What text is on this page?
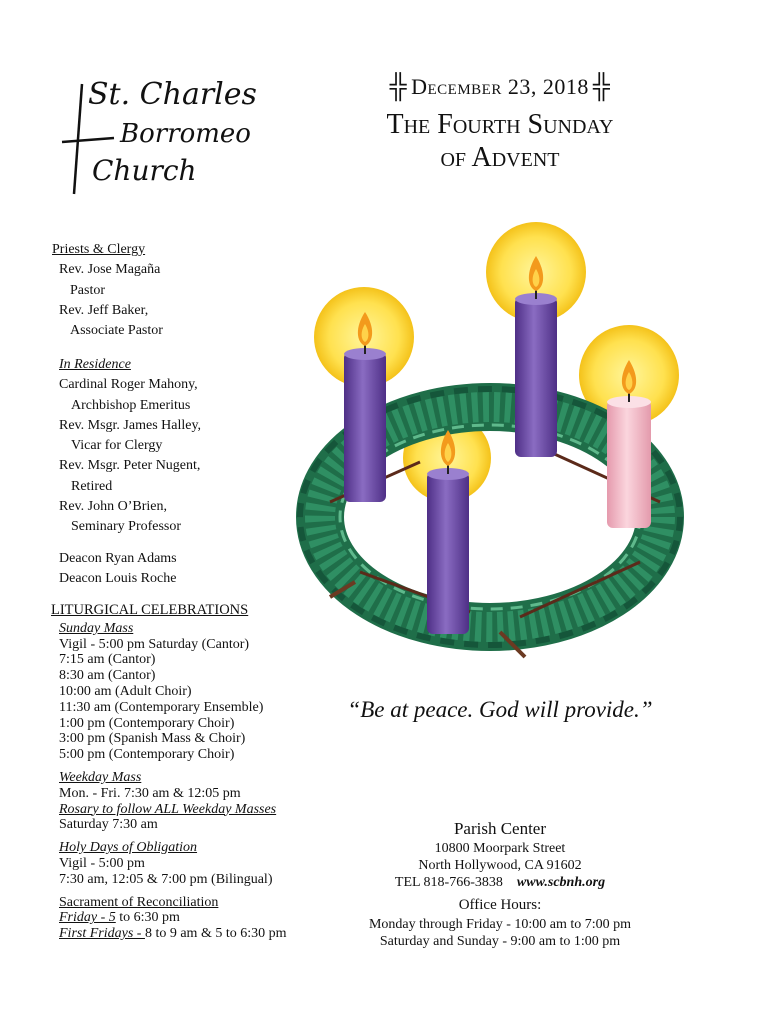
St. Charles
Borromeo
Church
╬ December 23, 2018 ╬
The Fourth Sunday
of Advent
Priests & Clergy
Rev. Jose Magaña
Pastor
Rev. Jeff Baker,
Associate Pastor
In Residence
Cardinal Roger Mahony,
Archbishop Emeritus
Rev. Msgr. James Halley,
Vicar for Clergy
Rev. Msgr. Peter Nugent,
Retired
Rev. John O’Brien,
Seminary Professor
Deacon Ryan Adams
Deacon Louis Roche
LITURGICAL CELEBRATIONS
Sunday Mass
Vigil - 5:00 pm Saturday (Cantor)
7:15 am (Cantor)
8:30 am (Cantor)
10:00 am (Adult Choir)
11:30 am (Contemporary Ensemble)
1:00 pm (Contemporary Choir)
3:00 pm (Spanish Mass & Choir)
5:00 pm (Contemporary Choir)
Weekday Mass
Mon. - Fri. 7:30 am & 12:05 pm
Rosary to follow ALL Weekday Masses
Saturday 7:30 am
Holy Days of Obligation
Vigil - 5:00 pm
7:30 am, 12:05 & 7:00 pm (Bilingual)
Sacrament of Reconciliation
Friday - 5 to 6:30 pm
First Fridays - 8 to 9 am & 5 to 6:30 pm
“Be at peace. God will provide.”
Parish Center
10800 Moorpark Street
North Hollywood, CA 91602
TEL 818-766-3838 www.scbnh.org
Office Hours:
Monday through Friday - 10:00 am to 7:00 pm
Saturday and Sunday - 9:00 am to 1:00 pm
